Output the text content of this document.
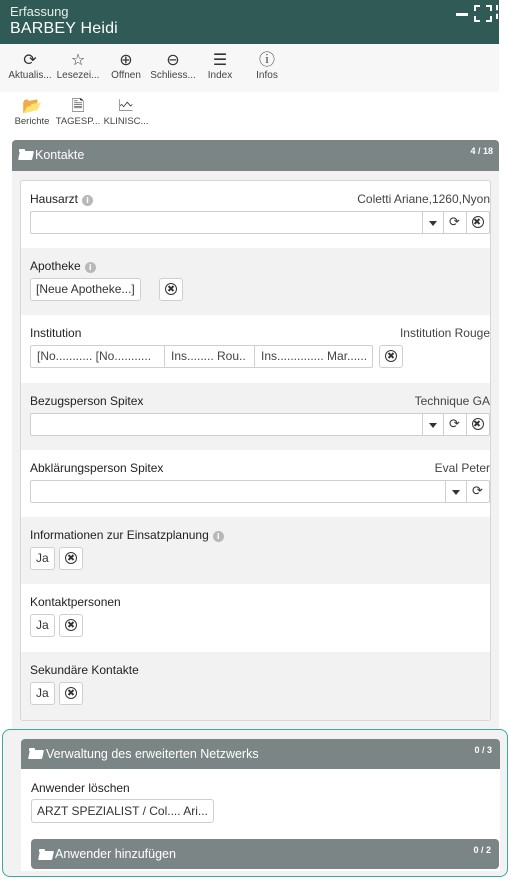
Erfassung
BARBEY Heidi
⟳
Aktualis...
☆
Lesezei...
⊕
Öffnen
⊖
Schliess...
☰
Index
ⓘ
Infos
📂
Berichte
🗎
TAGESP...
🗠
KLINISC...
Kontakte	4 / 18
Hausarzt i	Coletti Ariane,1260,Nyon
⟳
Apotheke i
[Neue Apotheke...]
Institution	Institution Rouge
[No........... [No...........	Ins........ Rou..	Ins.............. Mar......
Bezugsperson Spitex	Technique GA
⟳
Abklärungsperson Spitex	Eval Peter
⟳
Informationen zur Einsatzplanung i
Ja
Kontaktpersonen
Ja
Sekundäre Kontakte
Ja
Verwaltung des erweiterten Netzwerks	0 / 3
Anwender löschen
ARZT SPEZIALIST / Col.... Ari...
Anwender hinzufügen	0 / 2
